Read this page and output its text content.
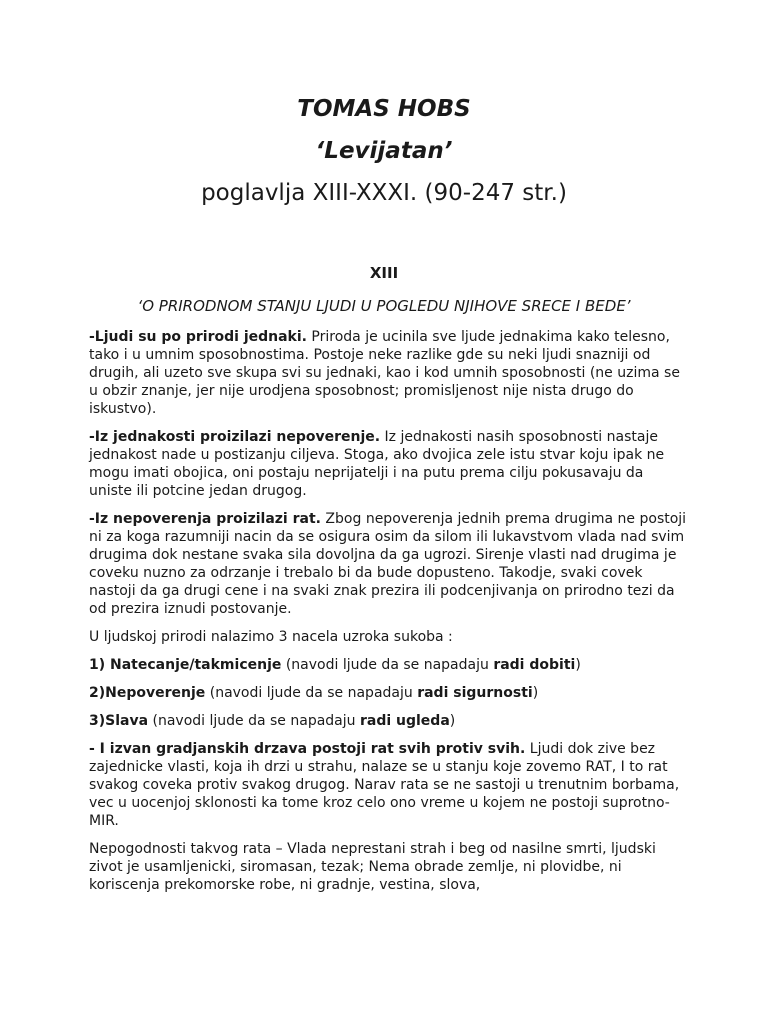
TOMAS HOBS
‘Levijatan’
poglavlja XIII-XXXI. (90-247 str.)
XIII
‘O PRIRODNOM STANJU LJUDI U POGLEDU NJIHOVE SRECE I BEDE’

-Ljudi su po prirodi jednaki. Priroda je ucinila sve ljude jednakima kako telesno, tako i u umnim sposobnostima. Postoje neke razlike gde su neki ljudi snazniji od drugih, ali uzeto sve skupa svi su jednaki, kao i kod umnih sposobnosti (ne uzima se u obzir znanje, jer nije urodjena sposobnost; promisljenost nije nista drugo do iskustvo).

-Iz jednakosti proizilazi nepoverenje. Iz jednakosti nasih sposobnosti nastaje jednakost nade u postizanju ciljeva. Stoga, ako dvojica zele istu stvar koju ipak ne mogu imati obojica, oni postaju neprijatelji i na putu prema cilju pokusavaju da uniste ili potcine jedan drugog.

-Iz nepoverenja proizilazi rat. Zbog nepoverenja jednih prema drugima ne postoji ni za koga razumniji nacin da se osigura osim da silom ili lukavstvom vlada nad svim drugima dok nestane svaka sila dovoljna da ga ugrozi. Sirenje vlasti nad drugima je coveku nuzno za odrzanje i trebalo bi da bude dopusteno. Takodje, svaki covek nastoji da ga drugi cene i na svaki znak prezira ili podcenjivanja on prirodno tezi da od prezira iznudi postovanje.

U ljudskoj prirodi nalazimo 3 nacela uzroka sukoba :

1) Natecanje/takmicenje (navodi ljude da se napadaju radi dobiti)

2)Nepoverenje (navodi ljude da se napadaju radi sigurnosti)

3)Slava (navodi ljude da se napadaju radi ugleda)

- I izvan gradjanskih drzava postoji rat svih protiv svih. Ljudi dok zive bez zajednicke vlasti, koja ih drzi u strahu, nalaze se u stanju koje zovemo RAT, I to rat svakog coveka protiv svakog drugog. Narav rata se ne sastoji u trenutnim borbama, vec u uocenjoj sklonosti ka tome kroz celo ono vreme u kojem ne postoji suprotno- MIR.

Nepogodnosti takvog rata – Vlada neprestani strah i beg od nasilne smrti, ljudski zivot je usamljenicki, siromasan, tezak; Nema obrade zemlje, ni plovidbe, ni koriscenja prekomorske robe, ni gradnje, vestina, slova,
